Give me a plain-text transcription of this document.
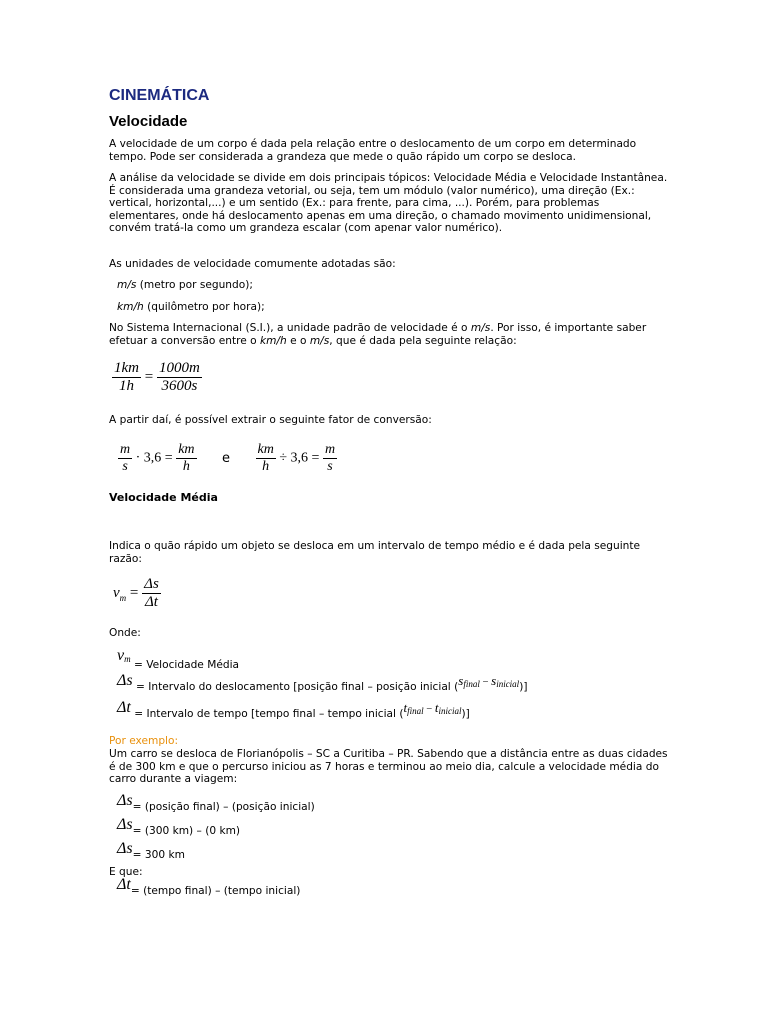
CINEMÁTICA
Velocidade

A velocidade de um corpo é dada pela relação entre o deslocamento de um corpo em determinado tempo. Pode ser considerada a grandeza que mede o quão rápido um corpo se desloca.

A análise da velocidade se divide em dois principais tópicos: Velocidade Média e Velocidade Instantânea. É considerada uma grandeza vetorial, ou seja, tem um módulo (valor numérico), uma direção (Ex.: vertical, horizontal,...) e um sentido (Ex.: para frente, para cima, ...). Porém, para problemas elementares, onde há deslocamento apenas em uma direção, o chamado movimento unidimensional, convém tratá-la como um grandeza escalar (com apenar valor numérico).

As unidades de velocidade comumente adotadas são:

m/s (metro por segundo);

km/h (quilômetro por hora);

No Sistema Internacional (S.I.), a unidade padrão de velocidade é o m/s. Por isso, é importante saber efetuar a conversão entre o km/h e o m/s, que é dada pela seguinte relação:

$\frac{1km}{1h} = \frac{1000m}{3600s}$

A partir daí, é possível extrair o seguinte fator de conversão:

$\frac{m}{s} \cdot 3,6 = \frac{km}{h}$ e $\frac{km}{h} \div 3,6 = \frac{m}{s}$
Velocidade Média

Indica o quão rápido um objeto se desloca em um intervalo de tempo médio e é dada pela seguinte razão:

$v_m = \frac{\Delta s}{\Delta t}$

Onde:

$v_m$ = Velocidade Média
Δs = Intervalo do deslocamento [posição final – posição inicial $(s_{final} - s_{inicial})$]
Δt = Intervalo de tempo [tempo final – tempo inicial $(t_{final} - t_{inicial})$]

Por exemplo:

Um carro se desloca de Florianópolis – SC a Curitiba – PR. Sabendo que a distância entre as duas cidades é de 300 km e que o percurso iniciou as 7 horas e terminou ao meio dia, calcule a velocidade média do carro durante a viagem:

Δs= (posição final) – (posição inicial)
Δs= (300 km) – (0 km)
Δs= 300 km

E que:

Δt= (tempo final) – (tempo inicial)
